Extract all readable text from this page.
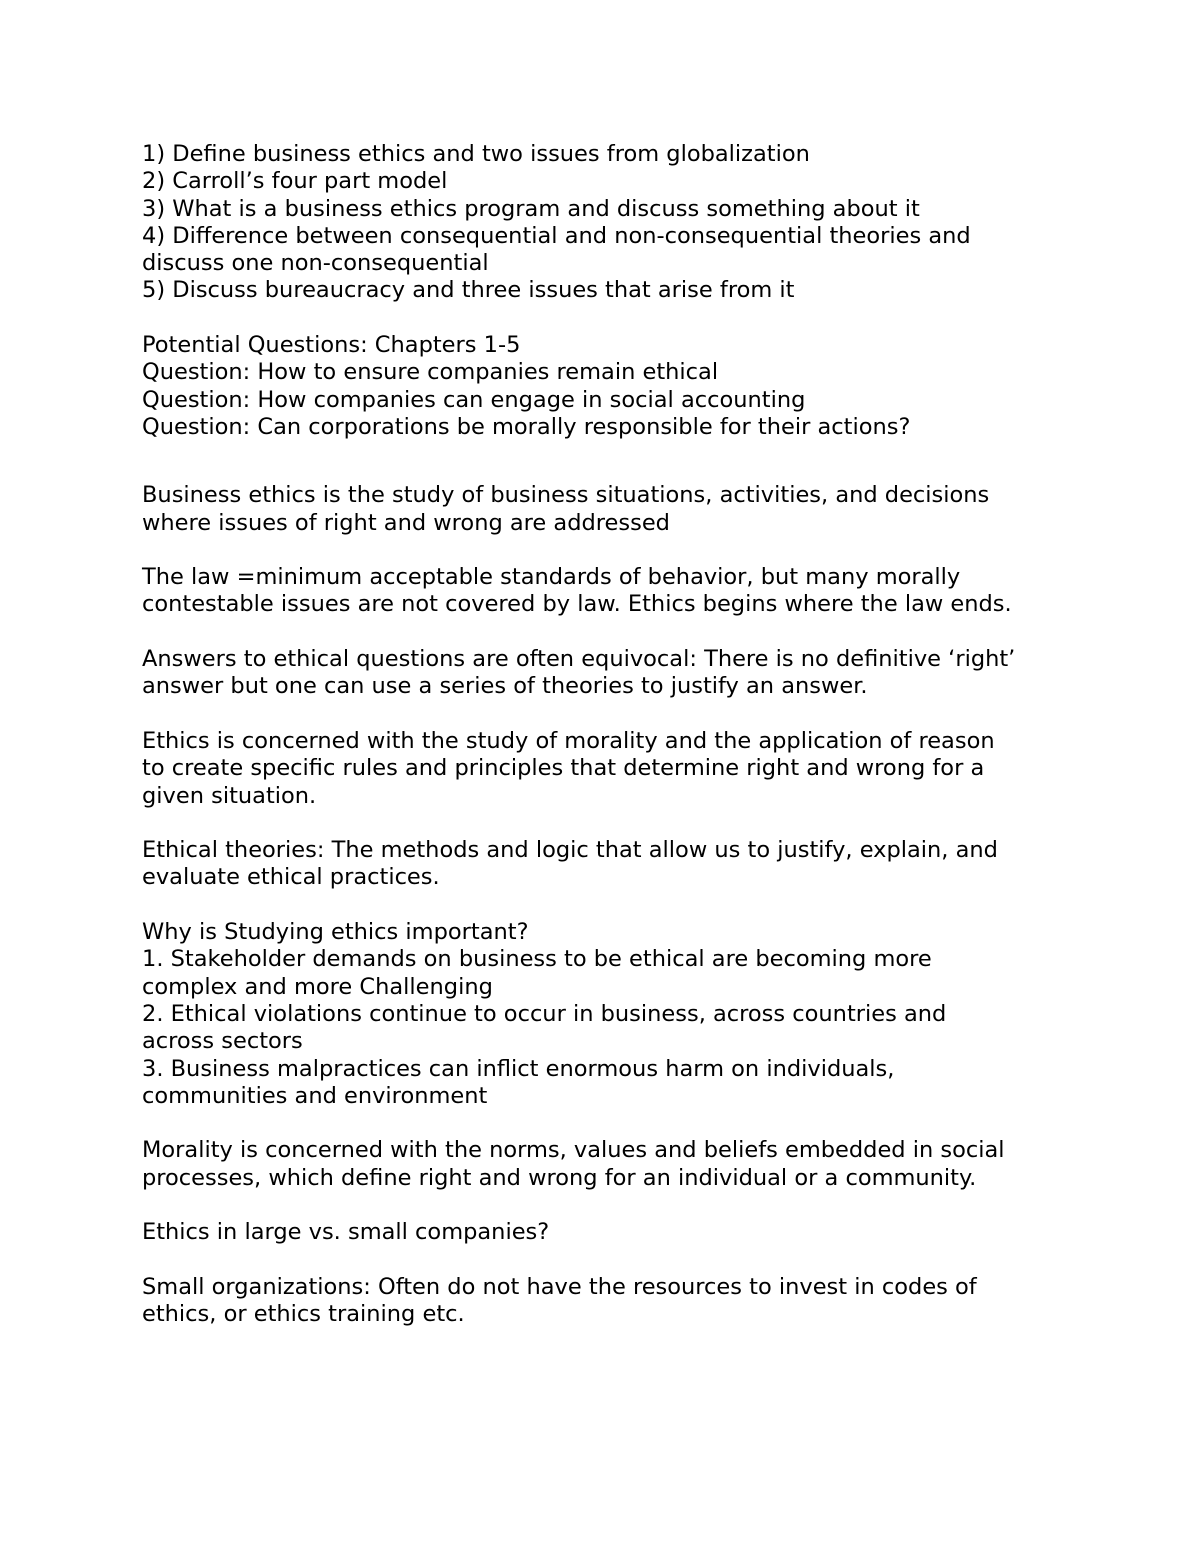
1) Define business ethics and two issues from globalization
2) Carroll’s four part model
3) What is a business ethics program and discuss something about it
4) Difference between consequential and non-consequential theories and
discuss one non-consequential
5) Discuss bureaucracy and three issues that arise from it
Potential Questions: Chapters 1-5
Question: How to ensure companies remain ethical
Question: How companies can engage in social accounting
Question: Can corporations be morally responsible for their actions?
Business ethics is the study of business situations, activities, and decisions
where issues of right and wrong are addressed
The law =minimum acceptable standards of behavior, but many morally
contestable issues are not covered by law. Ethics begins where the law ends.
Answers to ethical questions are often equivocal: There is no definitive ‘right’
answer but one can use a series of theories to justify an answer.
Ethics is concerned with the study of morality and the application of reason
to create specific rules and principles that determine right and wrong for a
given situation.
Ethical theories: The methods and logic that allow us to justify, explain, and
evaluate ethical practices.
Why is Studying ethics important?
1. Stakeholder demands on business to be ethical are becoming more
complex and more Challenging
2. Ethical violations continue to occur in business, across countries and
across sectors
3. Business malpractices can inflict enormous harm on individuals,
communities and environment
Morality is concerned with the norms, values and beliefs embedded in social
processes, which define right and wrong for an individual or a community.
Ethics in large vs. small companies?
Small organizations: Often do not have the resources to invest in codes of
ethics, or ethics training etc.
